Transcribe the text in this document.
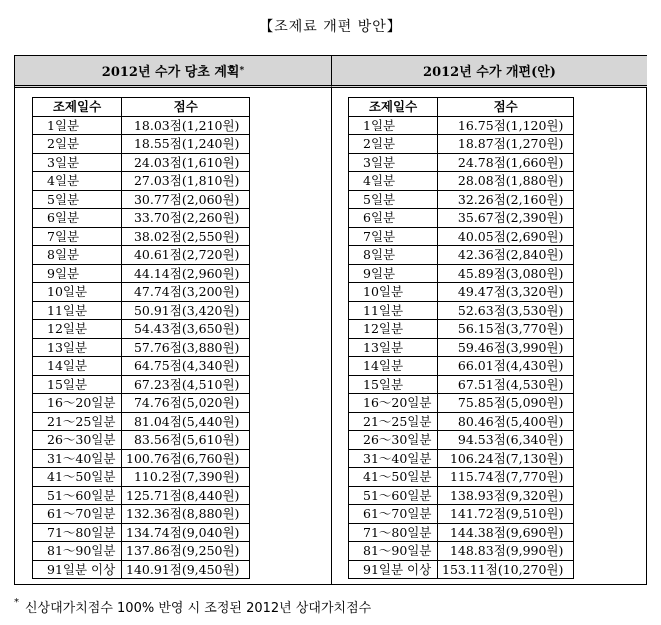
【조제료 개편 방안】
2012년 수가 당초 계획 *	2012년 수가 개편(안)
조제일수	점수
1일분	18.03점(1,210원)
2일분	18.55점(1,240원)
3일분	24.03점(1,610원)
4일분	27.03점(1,810원)
5일분	30.77점(2,060원)
6일분	33.70점(2,260원)
7일분	38.02점(2,550원)
8일분	40.61점(2,720원)
9일분	44.14점(2,960원)
10일분	47.74점(3,200원)
11일분	50.91점(3,420원)
12일분	54.43점(3,650원)
13일분	57.76점(3,880원)
14일분	64.75점(4,340원)
15일분	67.23점(4,510원)
16～20일분	74.76점(5,020원)
21～25일분	81.04점(5,440원)
26～30일분	83.56점(5,610원)
31～40일분	100.76점(6,760원)
41～50일분	110.2점(7,390원)
51～60일분	125.71점(8,440원)
61～70일분	132.36점(8,880원)
71～80일분	134.74점(9,040원)
81～90일분	137.86점(9,250원)
91일분 이상	140.91점(9,450원)
조제일수	점수
1일분	16.75점(1,120원)
2일분	18.87점(1,270원)
3일분	24.78점(1,660원)
4일분	28.08점(1,880원)
5일분	32.26점(2,160원)
6일분	35.67점(2,390원)
7일분	40.05점(2,690원)
8일분	42.36점(2,840원)
9일분	45.89점(3,080원)
10일분	49.47점(3,320원)
11일분	52.63점(3,530원)
12일분	56.15점(3,770원)
13일분	59.46점(3,990원)
14일분	66.01점(4,430원)
15일분	67.51점(4,530원)
16～20일분	75.85점(5,090원)
21～25일분	80.46점(5,400원)
26～30일분	94.53점(6,340원)
31～40일분	106.24점(7,130원)
41～50일분	115.74점(7,770원)
51～60일분	138.93점(9,320원)
61～70일분	141.72점(9,510원)
71～80일분	144.38점(9,690원)
81～90일분	148.83점(9,990원)
91일분 이상	153.11점(10,270원)
* 신상대가치점수 100% 반영 시 조정된 2012년 상대가치점수
